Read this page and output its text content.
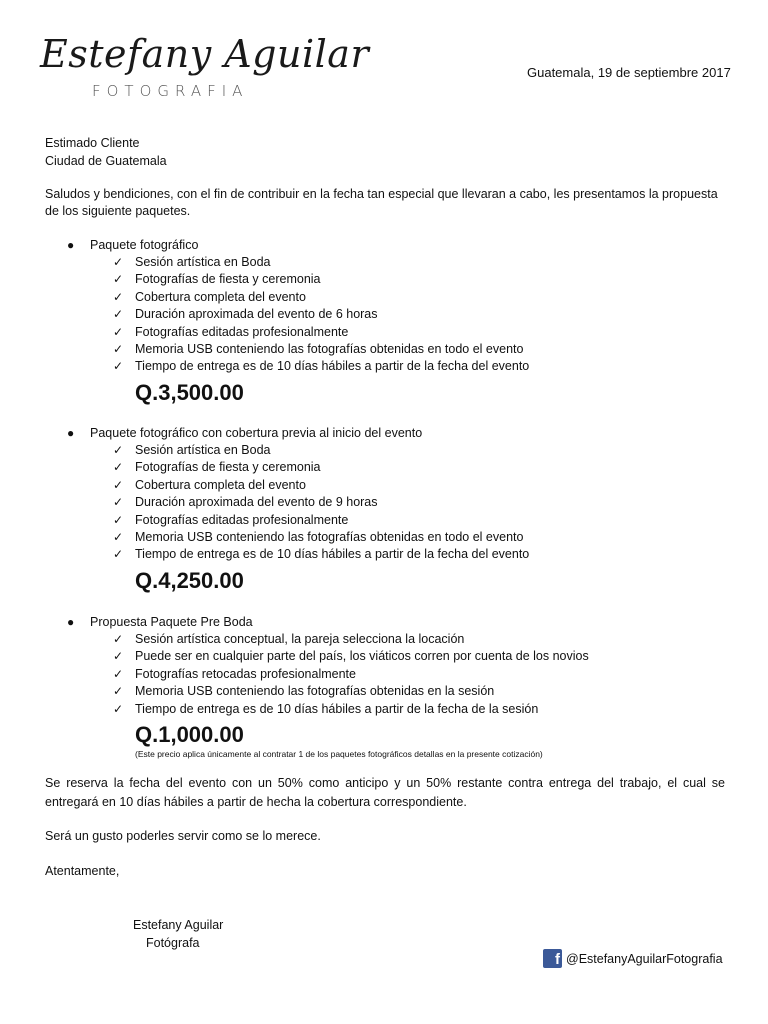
Estefany Aguilar
FOTOGRAFIA
Guatemala, 19 de septiembre 2017
Estimado Cliente
Ciudad de Guatemala
Saludos y bendiciones, con el fin de contribuir en la fecha tan especial que llevaran a cabo, les presentamos la propuesta de los siguiente paquetes.
● Paquete fotográfico
✓ Sesión artística en Boda
✓ Fotografías de fiesta y ceremonia
✓ Cobertura completa del evento
✓ Duración aproximada del evento de 6 horas
✓ Fotografías editadas profesionalmente
✓ Memoria USB conteniendo las fotografías obtenidas en todo el evento
✓ Tiempo de entrega es de 10 días hábiles a partir de la fecha del evento
Q.3,500.00
● Paquete fotográfico con cobertura previa al inicio del evento
✓ Sesión artística en Boda
✓ Fotografías de fiesta y ceremonia
✓ Cobertura completa del evento
✓ Duración aproximada del evento de 9 horas
✓ Fotografías editadas profesionalmente
✓ Memoria USB conteniendo las fotografías obtenidas en todo el evento
✓ Tiempo de entrega es de 10 días hábiles a partir de la fecha del evento
Q.4,250.00
● Propuesta Paquete Pre Boda
✓ Sesión artística conceptual, la pareja selecciona la locación
✓ Puede ser en cualquier parte del país, los viáticos corren por cuenta de los novios
✓ Fotografías retocadas profesionalmente
✓ Memoria USB conteniendo las fotografías obtenidas en la sesión
✓ Tiempo de entrega es de 10 días hábiles a partir de la fecha de la sesión
Q.1,000.00
(Este precio aplica únicamente al contratar 1 de los paquetes fotográficos detallas en la presente cotización)
Se reserva la fecha del evento con un 50% como anticipo y un 50% restante contra entrega del trabajo, el cual se entregará en 10 días hábiles a partir de hecha la cobertura correspondiente.
Será un gusto poderles servir como se lo merece.
Atentamente,
Estefany Aguilar
Fotógrafa
f @EstefanyAguilarFotografia
